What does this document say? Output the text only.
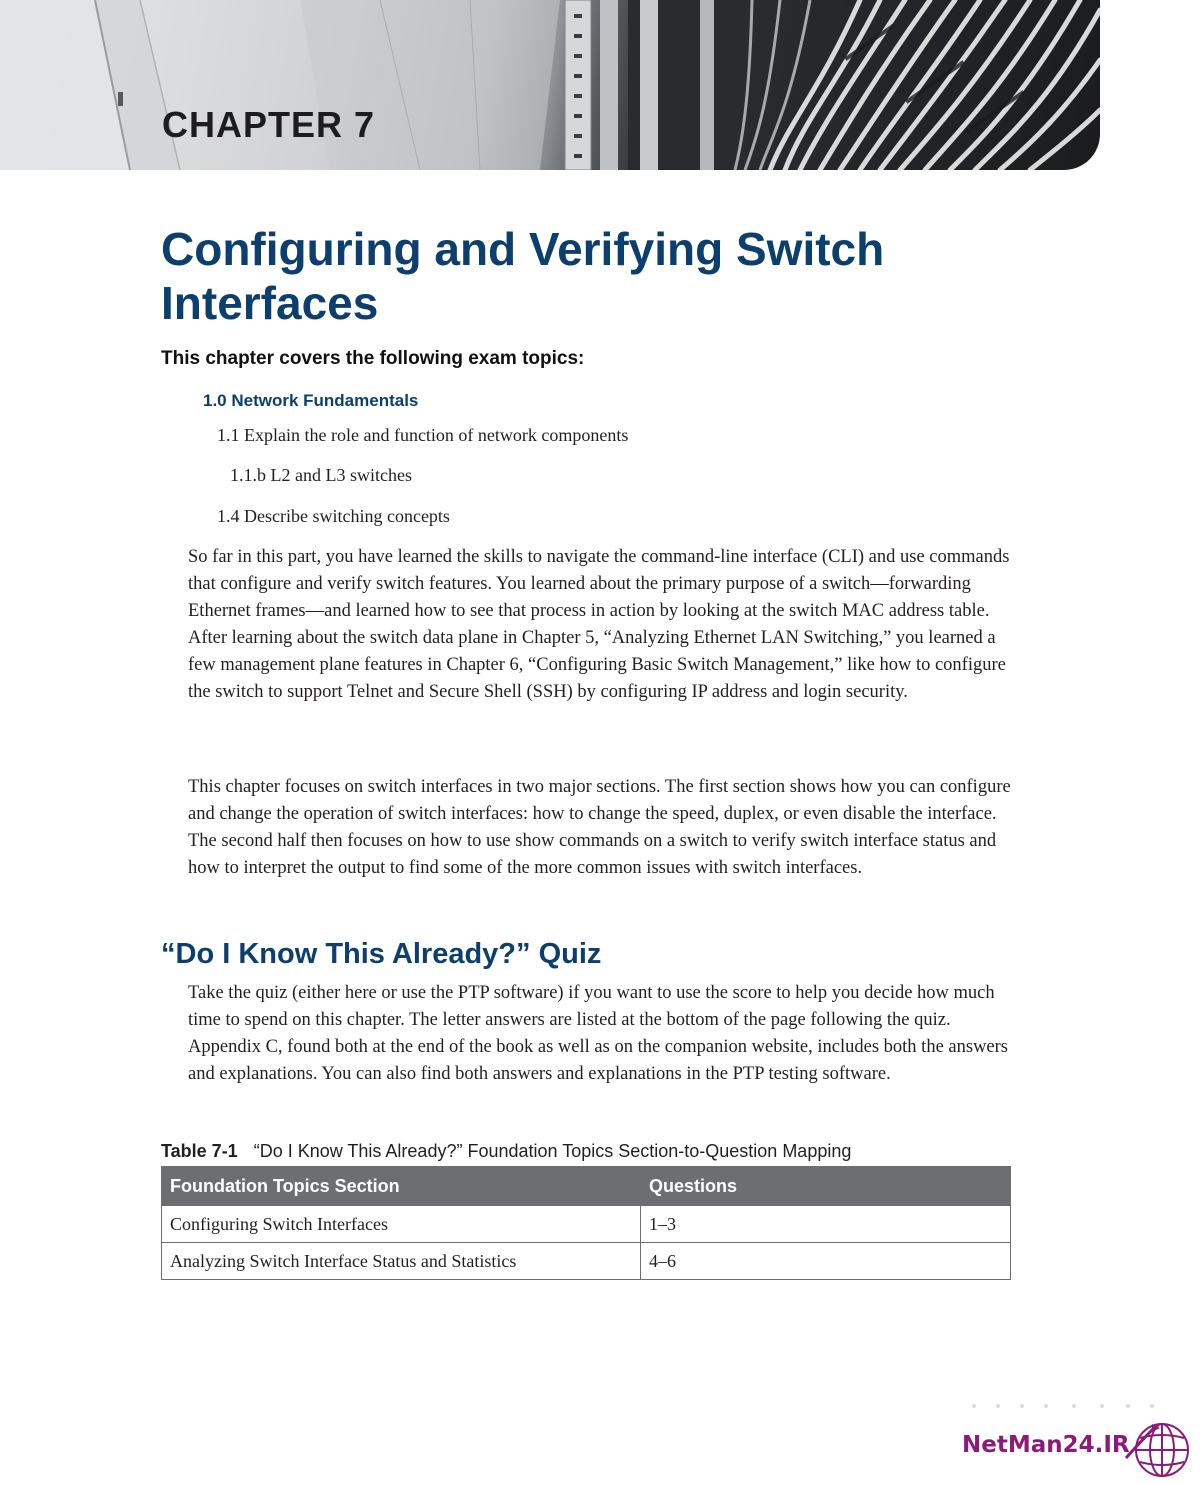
CHAPTER 7
Configuring and Verifying Switch Interfaces

This chapter covers the following exam topics:

1.0 Network Fundamentals

1.1 Explain the role and function of network components

1.1.b L2 and L3 switches

1.4 Describe switching concepts

So far in this part, you have learned the skills to navigate the command-line interface (CLI) and use commands that configure and verify switch features. You learned about the primary purpose of a switch—forwarding Ethernet frames—and learned how to see that process in action by looking at the switch MAC address table. After learning about the switch data plane in Chapter 5, “Analyzing Ethernet LAN Switching,” you learned a few management plane features in Chapter 6, “Configuring Basic Switch Management,” like how to configure the switch to support Telnet and Secure Shell (SSH) by configuring IP address and login security.

This chapter focuses on switch interfaces in two major sections. The first section shows how you can configure and change the operation of switch interfaces: how to change the speed, duplex, or even disable the interface. The second half then focuses on how to use show commands on a switch to verify switch interface status and how to interpret the output to find some of the more common issues with switch interfaces.

“Do I Know This Already?” Quiz

Take the quiz (either here or use the PTP software) if you want to use the score to help you decide how much time to spend on this chapter. The letter answers are listed at the bottom of the page following the quiz. Appendix C, found both at the end of the book as well as on the companion website, includes both the answers and explanations. You can also find both answers and explanations in the PTP testing software.

Table 7-1 “Do I Know This Already?” Foundation Topics Section-to-Question Mapping

Foundation Topics Section	Questions
Configuring Switch Interfaces	1–3
Analyzing Switch Interface Status and Statistics	4–6

NetMan24.IR
